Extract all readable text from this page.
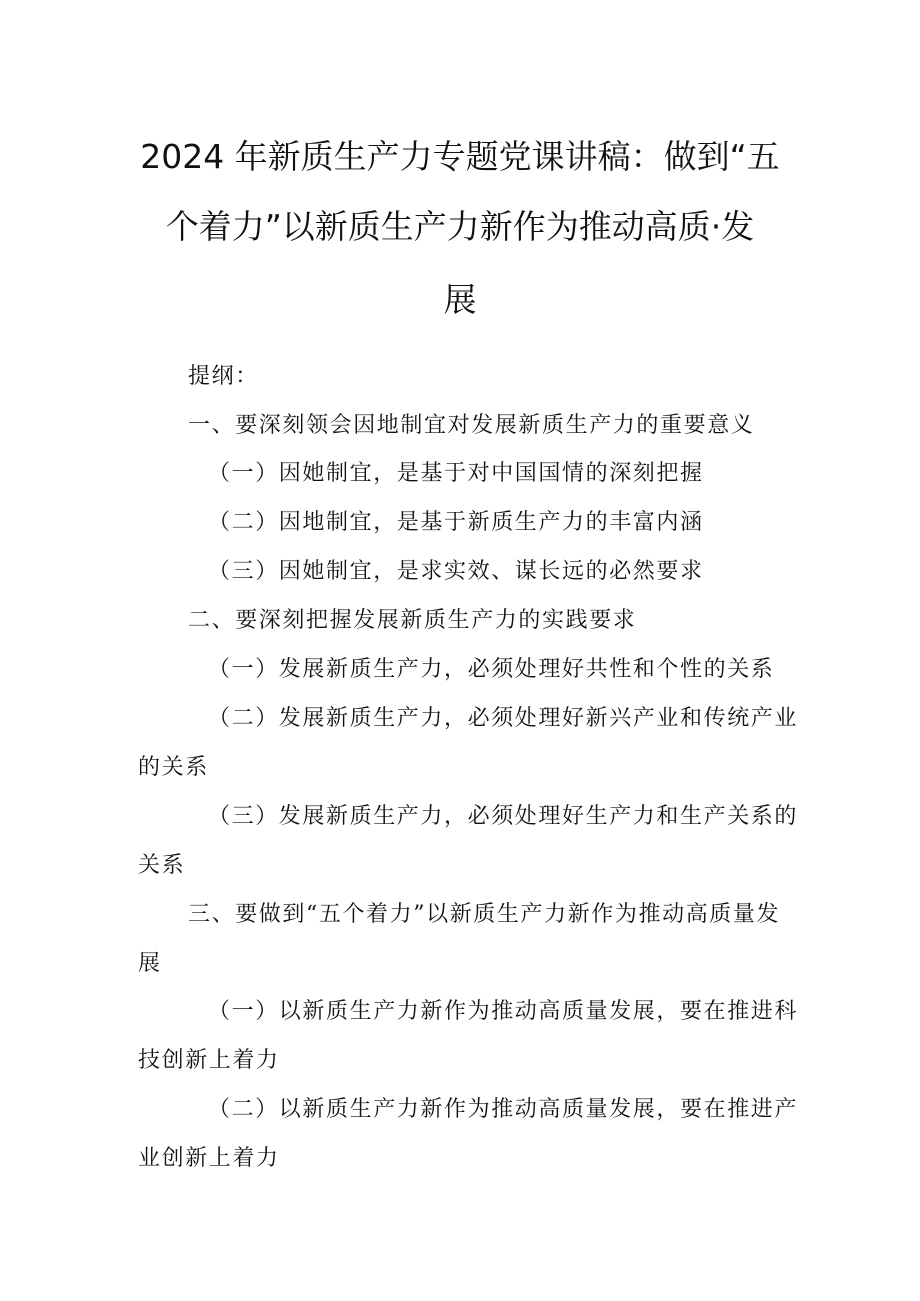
2024 年新质生产力专题党课讲稿：做到“五
个着力”以新质生产力新作为推动高质·发
展

提纲：

一、要深刻领会因地制宜对发展新质生产力的重要意义

（一）因她制宜，是基于对中国国情的深刻把握

（二）因地制宜，是基于新质生产力的丰富内涵

（三）因她制宜，是求实效、谋长远的必然要求

二、要深刻把握发展新质生产力的实践要求

（一）发展新质生产力，必须处理好共性和个性的关系

（二）发展新质生产力，必须处理好新兴产业和传统产业

的关系

（三）发展新质生产力，必须处理好生产力和生产关系的

关系

三、要做到“五个着力”以新质生产力新作为推动高质量发

展

（一）以新质生产力新作为推动高质量发展，要在推进科

技创新上着力

（二）以新质生产力新作为推动高质量发展，要在推进产

业创新上着力
